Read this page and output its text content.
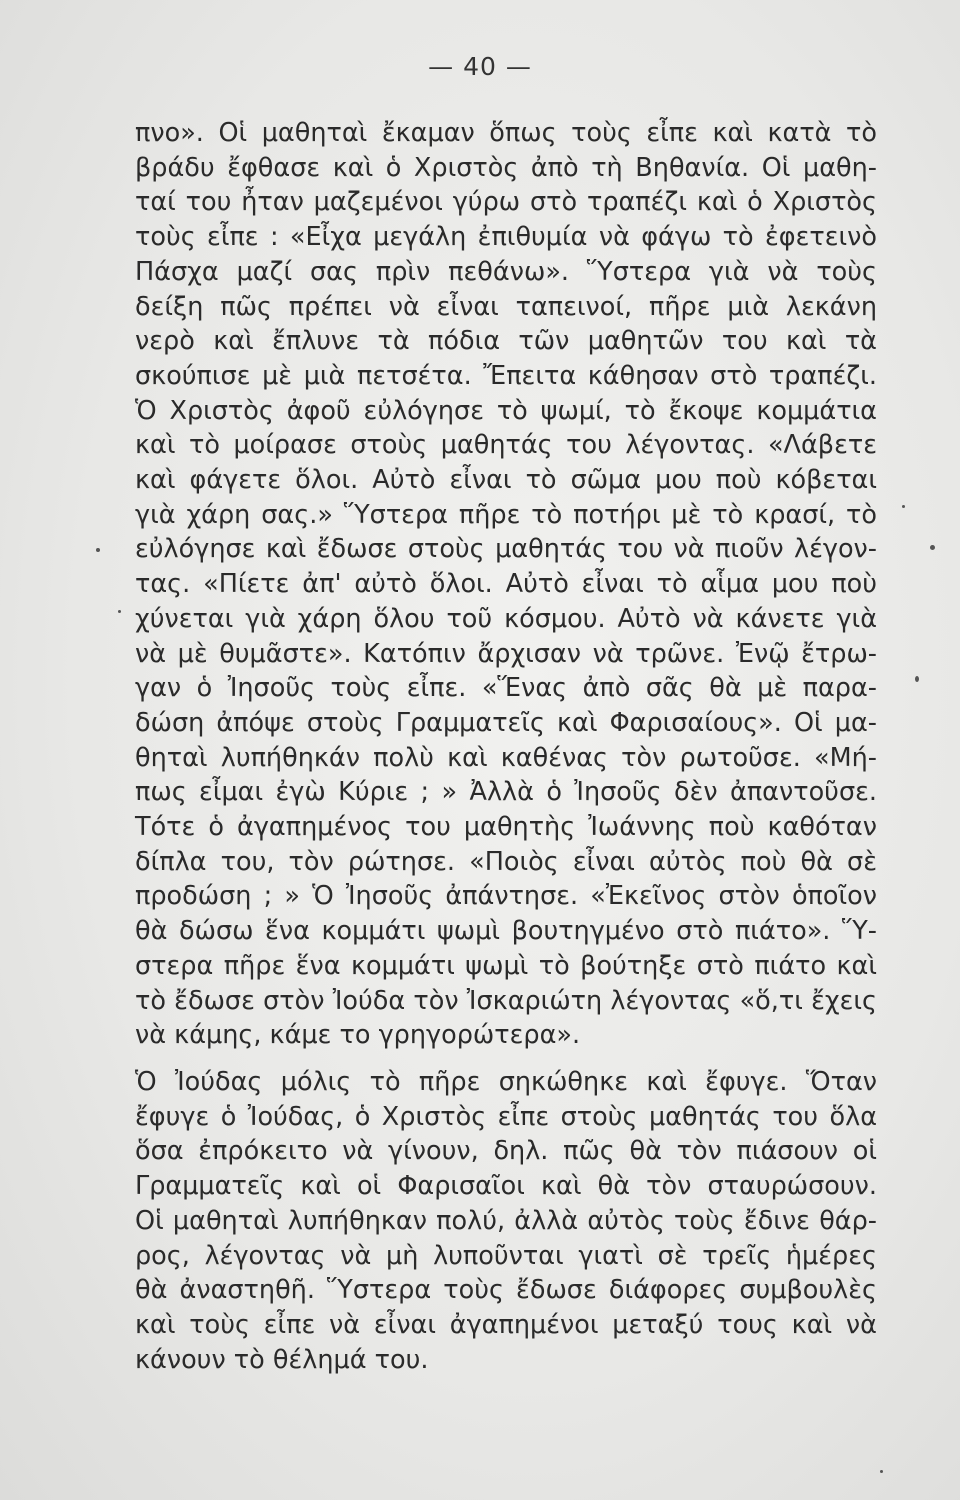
— 40 —
πνο». Οἱ μαθηταὶ ἔκαμαν ὅπως τοὺς εἶπε καὶ κατὰ τὸ
βράδυ ἔφθασε καὶ ὁ Χριστὸς ἀπὸ τὴ Βηθανία. Οἱ μαθη-
ταί του ἦταν μαζεμένοι γύρω στὸ τραπέζι καὶ ὁ Χριστὸς
τοὺς εἶπε : «Εἶχα μεγάλη ἐπιθυμία νὰ φάγω τὸ ἐφετεινὸ
Πάσχα μαζί σας πρὶν πεθάνω». Ὕστερα γιὰ νὰ τοὺς
δείξη πῶς πρέπει νὰ εἶναι ταπεινοί, πῆρε μιὰ λεκάνη
νερὸ καὶ ἔπλυνε τὰ πόδια τῶν μαθητῶν του καὶ τὰ
σκούπισε μὲ μιὰ πετσέτα. Ἔπειτα κάθησαν στὸ τραπέζι.
Ὁ Χριστὸς ἀφοῦ εὐλόγησε τὸ ψωμί, τὸ ἔκοψε κομμάτια
καὶ τὸ μοίρασε στοὺς μαθητάς του λέγοντας. «Λάβετε
καὶ φάγετε ὅλοι. Αὐτὸ εἶναι τὸ σῶμα μου ποὺ κόβεται
γιὰ χάρη σας.» Ὕστερα πῆρε τὸ ποτήρι μὲ τὸ κρασί, τὸ
εὐλόγησε καὶ ἔδωσε στοὺς μαθητάς του νὰ πιοῦν λέγον-
τας. «Πίετε ἀπ' αὐτὸ ὅλοι. Αὐτὸ εἶναι τὸ αἷμα μου ποὺ
χύνεται γιὰ χάρη ὅλου τοῦ κόσμου. Αὐτὸ νὰ κάνετε γιὰ
νὰ μὲ θυμᾶστε». Κατόπιν ἄρχισαν νὰ τρῶνε. Ἐνῷ ἔτρω-
γαν ὁ Ἰησοῦς τοὺς εἶπε. «Ἕνας ἀπὸ σᾶς θὰ μὲ παρα-
δώση ἀπόψε στοὺς Γραμματεῖς καὶ Φαρισαίους». Οἱ μα-
θηταὶ λυπήθηκάν πολὺ καὶ καθένας τὸν ρωτοῦσε. «Μή-
πως εἶμαι ἐγὼ Κύριε ; » Ἀλλὰ ὁ Ἰησοῦς δὲν ἀπαντοῦσε.
Τότε ὁ ἀγαπημένος του μαθητὴς Ἰωάννης ποὺ καθόταν
δίπλα του, τὸν ρώτησε. «Ποιὸς εἶναι αὐτὸς ποὺ θὰ σὲ
προδώση ; » Ὁ Ἰησοῦς ἀπάντησε. «Ἐκεῖνος στὸν ὁποῖον
θὰ δώσω ἕνα κομμάτι ψωμὶ βουτηγμένο στὸ πιάτο». Ὕ-
στερα πῆρε ἕνα κομμάτι ψωμὶ τὸ βούτηξε στὸ πιάτο καὶ
τὸ ἔδωσε στὸν Ἰούδα τὸν Ἰσκαριώτη λέγοντας «ὅ,τι ἔχεις
νὰ κάμης, κάμε το γρηγορώτερα».
Ὁ Ἰούδας μόλις τὸ πῆρε σηκώθηκε καὶ ἔφυγε. Ὅταν
ἔφυγε ὁ Ἰούδας, ὁ Χριστὸς εἶπε στοὺς μαθητάς του ὅλα
ὅσα ἐπρόκειτο νὰ γίνουν, δηλ. πῶς θὰ τὸν πιάσουν οἱ
Γραμματεῖς καὶ οἱ Φαρισαῖοι καὶ θὰ τὸν σταυρώσουν.
Οἱ μαθηταὶ λυπήθηκαν πολύ, ἀλλὰ αὐτὸς τοὺς ἔδινε θάρ-
ρος, λέγοντας νὰ μὴ λυποῦνται γιατὶ σὲ τρεῖς ἡμέρες
θὰ ἀναστηθῆ. Ὕστερα τοὺς ἔδωσε διάφορες συμβουλὲς
καὶ τοὺς εἶπε νὰ εἶναι ἀγαπημένοι μεταξύ τους καὶ νὰ
κάνουν τὸ θέλημά του.
